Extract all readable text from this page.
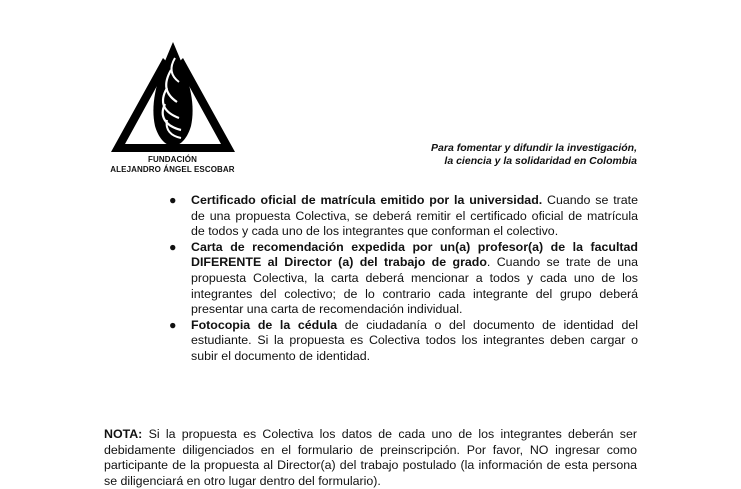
FUNDACIÓN
ALEJANDRO ÁNGEL ESCOBAR
Para fomentar y difundir la investigación,
la ciencia y la solidaridad en Colombia
● Certificado oficial de matrícula emitido por la universidad. Cuando se trate de una propuesta Colectiva, se deberá remitir el certificado oficial de matrícula de todos y cada uno de los integrantes que conforman el colectivo.
● Carta de recomendación expedida por un(a) profesor(a) de la facultad DIFERENTE al Director (a) del trabajo de grado. Cuando se trate de una propuesta Colectiva, la carta deberá mencionar a todos y cada uno de los integrantes del colectivo; de lo contrario cada integrante del grupo deberá presentar una carta de recomendación individual.
● Fotocopia de la cédula de ciudadanía o del documento de identidad del estudiante. Si la propuesta es Colectiva todos los integrantes deben cargar o subir el documento de identidad.

NOTA: Si la propuesta es Colectiva los datos de cada uno de los integrantes deberán ser debidamente diligenciados en el formulario de preinscripción. Por favor, NO ingresar como participante de la propuesta al Director(a) del trabajo postulado (la información de esta persona se diligenciará en otro lugar dentro del formulario).
